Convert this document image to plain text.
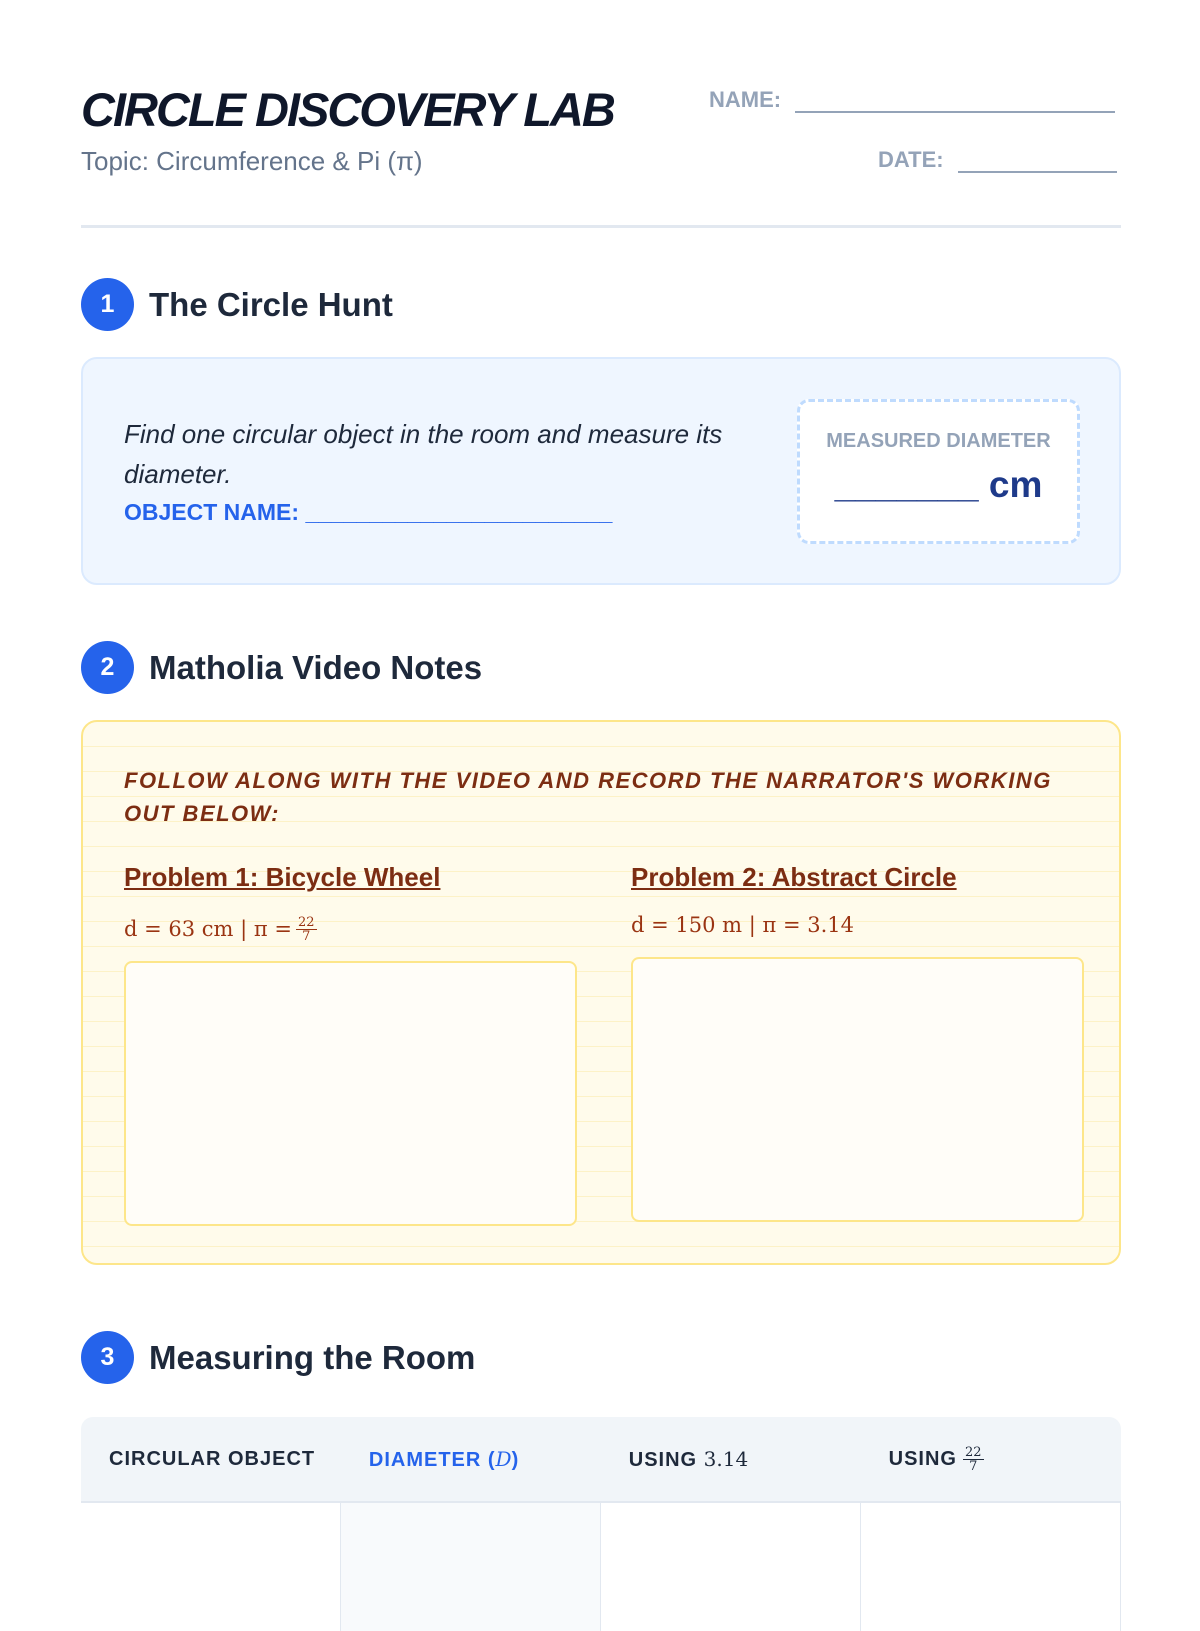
CIRCLE DISCOVERY LAB
Topic: Circumference & Pi (π)
NAME:
DATE:
1	The Circle Hunt

Find one circular object in the room and measure its diameter.

OBJECT NAME: ________________________
MEASURED DIAMETER
_______ cm
2	Matholia Video Notes

FOLLOW ALONG WITH THE VIDEO AND RECORD THE NARRATOR'S WORKING OUT BELOW:

Problem 1: Bicycle Wheel
d = 63 cm | $\pi = \frac{22}{7}$
Problem 2: Abstract Circle
d = 150 m | π = 3.14
3	Measuring the Room
CIRCULAR OBJECT	DIAMETER (D)	USING 3.14	USING $\frac{22}{7}$
